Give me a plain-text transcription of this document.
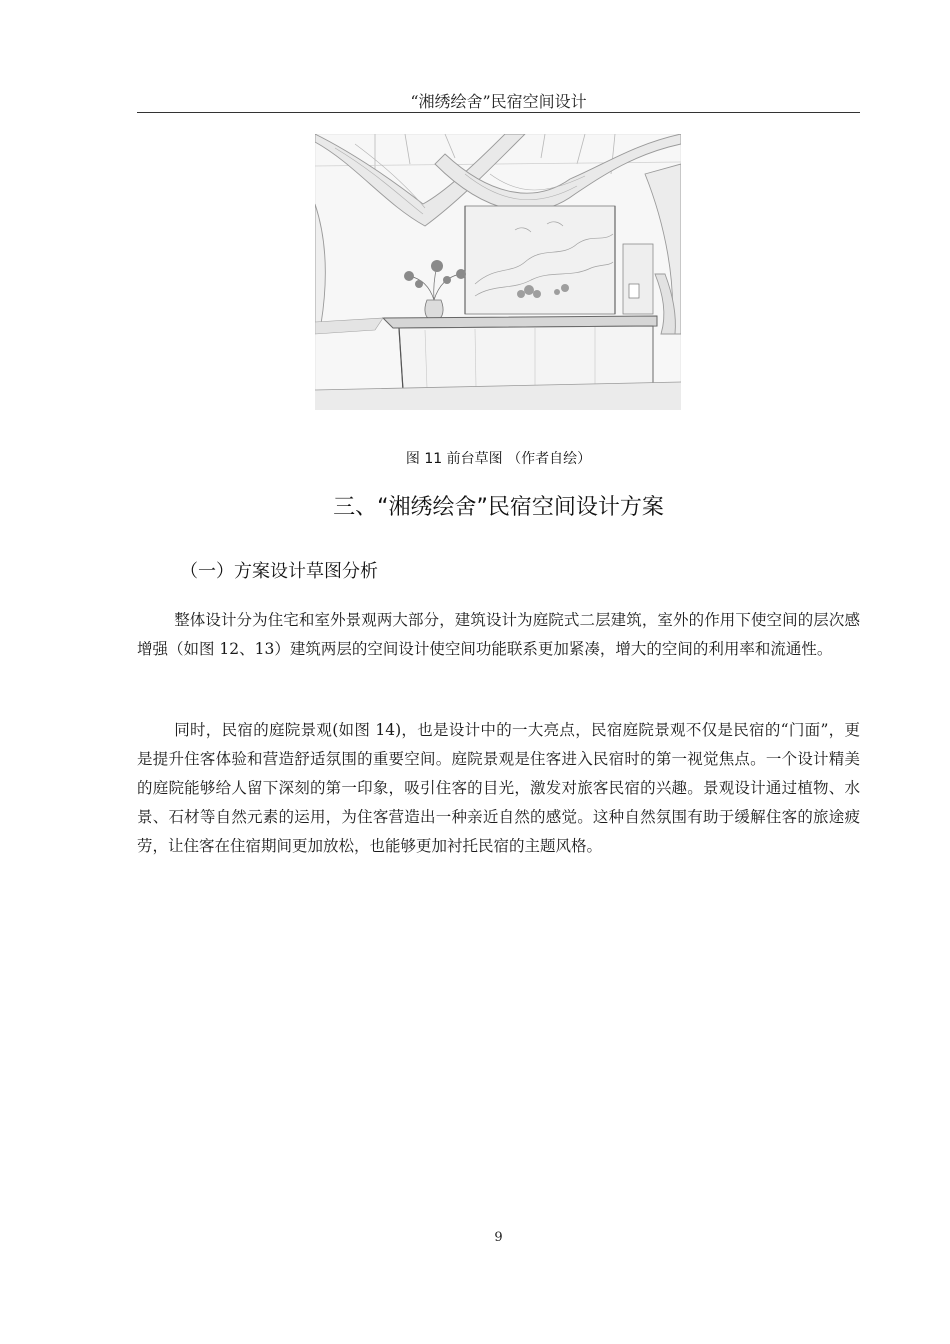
“湘绣绘舍”民宿空间设计
图 11 前台草图 （作者自绘）
三、“湘绣绘舍”民宿空间设计方案
（一）方案设计草图分析

整体设计分为住宅和室外景观两大部分，建筑设计为庭院式二层建筑，室外的作用下使空间的层次感增强（如图 12、13）建筑两层的空间设计使空间功能联系更加紧凑，增大的空间的利用率和流通性。

同时，民宿的庭院景观(如图 14)，也是设计中的一大亮点，民宿庭院景观不仅是民宿的“门面”，更是提升住客体验和营造舒适氛围的重要空间。庭院景观是住客进入民宿时的第一视觉焦点。一个设计精美的庭院能够给人留下深刻的第一印象，吸引住客的目光，激发对旅客民宿的兴趣。景观设计通过植物、水景、石材等自然元素的运用，为住客营造出一种亲近自然的感觉。这种自然氛围有助于缓解住客的旅途疲劳，让住客在住宿期间更加放松，也能够更加衬托民宿的主题风格。

9
